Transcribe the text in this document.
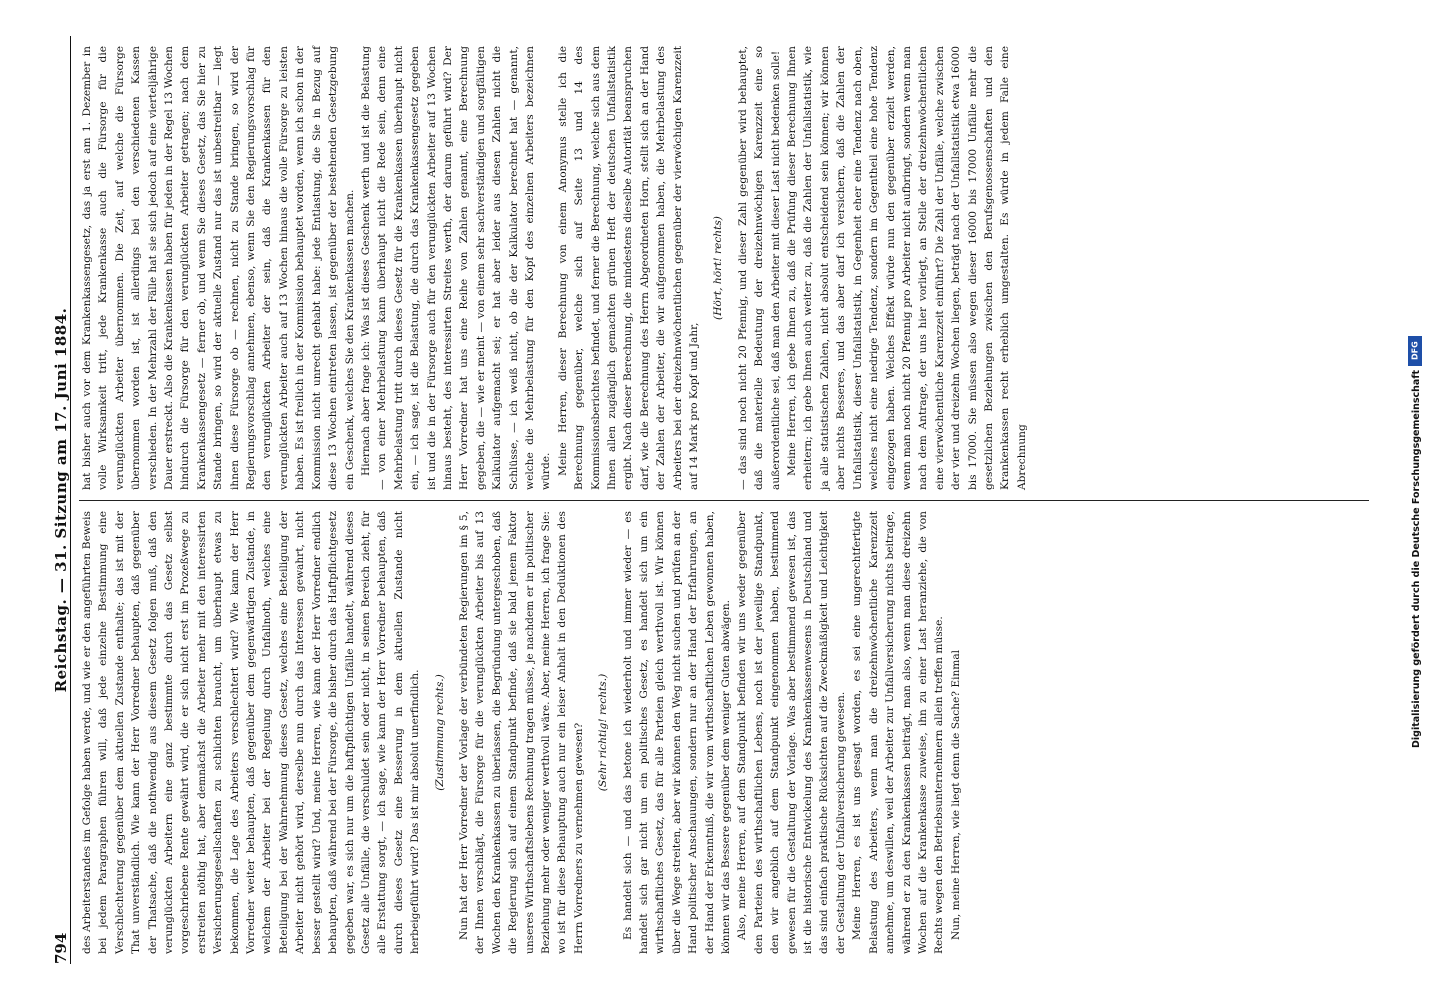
794
Reichstag. — 31. Sitzung am 17. Juni 1884.

des Arbeiterstandes im Gefolge haben werde, und wie er den angeführten Beweis bei jedem Paragraphen führen will, daß jede einzelne Bestimmung eine Verschlechterung gegenüber dem aktuellen Zustande enthalte; das ist mit der That unverständlich. Wie kann der Herr Vorredner behaupten, daß gegenüber der Thatsache, daß die nothwendig aus diesem Gesetz folgen muß, daß den verunglückten Arbeitern eine ganz bestimmte durch das Gesetz selbst vorgeschriebene Rente gewährt wird, die er sich nicht erst im Prozeßwege zu erstreiten nöthig hat, aber demnächst die Arbeiter mehr mit den interessirten Versicherungsgesellschaften zu schlichten braucht, um überhaupt etwas zu bekommen, die Lage des Arbeiters verschlechtert wird? Wie kann der Herr Vorredner weiter behaupten, daß gegenüber dem gegenwärtigen Zustande, in welchem der Arbeiter bei der Regelung durch Unfallnoth, welches eine Beteiligung bei der Wahrnehmung dieses Gesetz, welches eine Beteiligung der Arbeiter nicht gehört wird, derselbe nun durch das Interessen gewahrt, nicht besser gestellt wird? Und, meine Herren, wie kann der Herr Vorredner endlich behaupten, daß während bei der Fürsorge, die bisher durch das Haftpflichtgesetz gegeben war, es sich nur um die haftpflichtigen Unfälle handelt, während dieses Gesetz alle Unfälle, die verschuldet sein oder nicht, in seinen Bereich zieht, für alle Erstattung sorgt, — ich sage, wie kann der Herr Vorredner behaupten, daß durch dieses Gesetz eine Besserung in dem aktuellen Zustande nicht herbeigeführt wird? Das ist mir absolut unerfindlich. (Zustimmung rechts.) Nun hat der Herr Vorredner der Vorlage der verbündeten Regierungen im § 5, der Ihnen verschlägt, die Fürsorge für die verunglückten Arbeiter bis auf 13 Wochen den Krankenkassen zu überlassen, die Begründung untergeschoben, daß die Regierung sich auf einem Standpunkt befinde, daß sie bald jenem Faktor unseres Wirthschaftslebens Rechnung tragen müsse, je nachdem er in politischer Beziehung mehr oder weniger werthvoll wäre. Aber, meine Herren, ich frage Sie: wo ist für diese Behauptung auch nur ein leiser Anhalt in den Deduktionen des Herrn Vorredners zu vernehmen gewesen? (Sehr richtig! rechts.) Es handelt sich — und das betone ich wiederholt und immer wieder — es handelt sich gar nicht um ein politisches Gesetz, es handelt sich um ein wirthschaftliches Gesetz, das für alle Parteien gleich werthvoll ist. Wir können über die Wege streiten, aber wir können den Weg nicht suchen und prüfen an der Hand politischer Anschauungen, sondern nur an der Hand der Erfahrungen, an der Hand der Erkenntniß, die wir vom wirthschaftlichen Leben gewonnen haben, können wir das Bessere gegenüber dem weniger Guten abwägen. Also, meine Herren, auf dem Standpunkt befinden wir uns weder gegenüber den Parteien des wirthschaftlichen Lebens, noch ist der jeweilige Standpunkt, den wir angeblich auf dem Standpunkt eingenommen haben, bestimmend gewesen für die Gestaltung der Vorlage. Was aber bestimmend gewesen ist, das ist die historische Entwickelung des Krankenkassenwesens in Deutschland und das sind einfach praktische Rücksichten auf die Zweckmäßigkeit und Leichtigkeit der Gestaltung der Unfallversicherung gewesen. Meine Herren, es ist uns gesagt worden, es sei eine ungerechtfertigte Belastung des Arbeiters, wenn man die dreizehnwöchentliche Karenzzeit annehme, um deswillen, weil der Arbeiter zur Unfallversicherung nichts beitrage, während er zu den Krankenkassen beiträgt, man also, wenn man diese dreizehn Wochen auf die Krankenkasse zuweise, ihn zu einer Last heranziehe, die von Rechts wegen den Betriebsunternehmern allein treffen müsse. Nun, meine Herren, wie liegt denn die Sache? Einmal

hat bisher auch vor dem Krankenkassengesetz, das ja erst am 1. Dezember in volle Wirksamkeit tritt, jede Krankenkasse auch die Fürsorge für die verunglückten Arbeiter übernommen. Die Zeit, auf welche die Fürsorge übernommen worden ist, ist allerdings bei den verschiedenen Kassen verschieden. In der Mehrzahl der Fälle hat sie sich jedoch auf eine vierteljährige Dauer erstreckt. Also die Krankenkassen haben für jeden in der Regel 13 Wochen hindurch die Fürsorge für den verunglückten Arbeiter getragen; nach dem Krankenkassengesetz — ferner ob, und wenn Sie dieses Gesetz, das Sie hier zu Stande bringen, so wird der aktuelle Zustand nur das ist unbestreitbar — liegt ihnen diese Fürsorge ob — rechnen, nicht zu Stande bringen, so wird der Regierungsvorschlag annehmen, ebenso, wenn Sie den Regierungsvorschlag für den verunglückten Arbeiter der sein, daß die Krankenkassen für den verunglückten Arbeiter auch auf 13 Wochen hinaus die volle Fürsorge zu leisten haben. Es ist freilich in der Kommission behauptet worden, wenn ich schon in der Kommission nicht unrecht gehabt habe: jede Entlastung, die Sie in Bezug auf diese 13 Wochen eintreten lassen, ist gegenüber der bestehenden Gesetzgebung ein Geschenk, welches Sie den Krankenkassen machen. Hiernach aber frage ich: Was ist dieses Geschenk werth und ist die Belastung — von einer Mehrbelastung kann überhaupt nicht die Rede sein, denn eine Mehrbelastung tritt durch dieses Gesetz für die Krankenkassen überhaupt nicht ein, — ich sage, ist die Belastung, die durch das Krankenkassengesetz gegeben ist und die in der Fürsorge auch für den verunglückten Arbeiter auf 13 Wochen hinaus besteht, des interessirten Streites werth, der darum geführt wird? Der Herr Vorredner hat uns eine Reihe von Zahlen genannt, eine Berechnung gegeben, die — wie er meint — von einem sehr sachverständigen und sorgfältigen Kalkulator aufgemacht sei; er hat aber leider aus diesen Zahlen nicht die Schlüsse, — ich weiß nicht, ob die der Kalkulator berechnet hat — genannt, welche die Mehrbelastung für den Kopf des einzelnen Arbeiters bezeichnen würde. Meine Herren, dieser Berechnung von einem Anonymus stelle ich die Berechnung gegenüber, welche sich auf Seite 13 und 14 des Kommissionsberichtes befindet, und ferner die Berechnung, welche sich aus dem Ihnen allen zugänglich gemachten grünen Heft der deutschen Unfallstatistik ergibt. Nach dieser Berechnung, die mindestens dieselbe Autorität beanspruchen darf, wie die Berechnung des Herrn Abgeordneten Horn, stellt sich an der Hand der Zahlen der Arbeiter, die wir aufgenommen haben, die Mehrbelastung des Arbeiters bei der dreizehnwöchentlichen gegenüber der vierwöchigen Karenzzeit auf 14 Mark pro Kopf und Jahr,

(Hört, hört! rechts) — das sind noch nicht 20 Pfennig, und dieser Zahl gegenüber wird behauptet, daß die materielle Bedeutung der dreizehnwöchigen Karenzzeit eine so außerordentliche sei, daß man den Arbeiter mit dieser Last nicht bedenken solle! Meine Herren, ich gebe Ihnen zu, daß die Prüfung dieser Berechnung Ihnen erheitern; ich gebe Ihnen auch weiter zu, daß die Zahlen der Unfallstatistik, wie ja alle statistischen Zahlen, nicht absolut entscheidend sein können; wir können aber nichts Besseres, und das aber darf ich versichern, daß die Zahlen der Unfallstatistik, dieser Unfallstatistik, in Gegenheit eher eine Tendenz nach oben, welches nicht eine niedrige Tendenz, sondern im Gegentheil eine hohe Tendenz eingezogen haben. Welches Effekt würde nun den gegenüber erzielt werden, wenn man noch nicht 20 Pfennig pro Arbeiter nicht aufbringt, sondern wenn man nach dem Antrage, der uns hier vorliegt, an Stelle der dreizehnwöchentlichen eine vierwöchentliche Karenzzeit einführt? Die Zahl der Unfälle, welche zwischen der vier und dreizehn Wochen liegen, beträgt nach der Unfallstatistik etwa 16000 bis 17000. Sie müssen also wegen dieser 16000 bis 17000 Unfälle mehr die gesetzlichen Beziehungen zwischen den Berufsgenossenschaften und den Krankenkassen recht erheblich umgestalten. Es würde in jedem Falle eine Abrechnung

DFG
Digitalisierung gefördert durch die Deutsche Forschungsgemeinschaft
